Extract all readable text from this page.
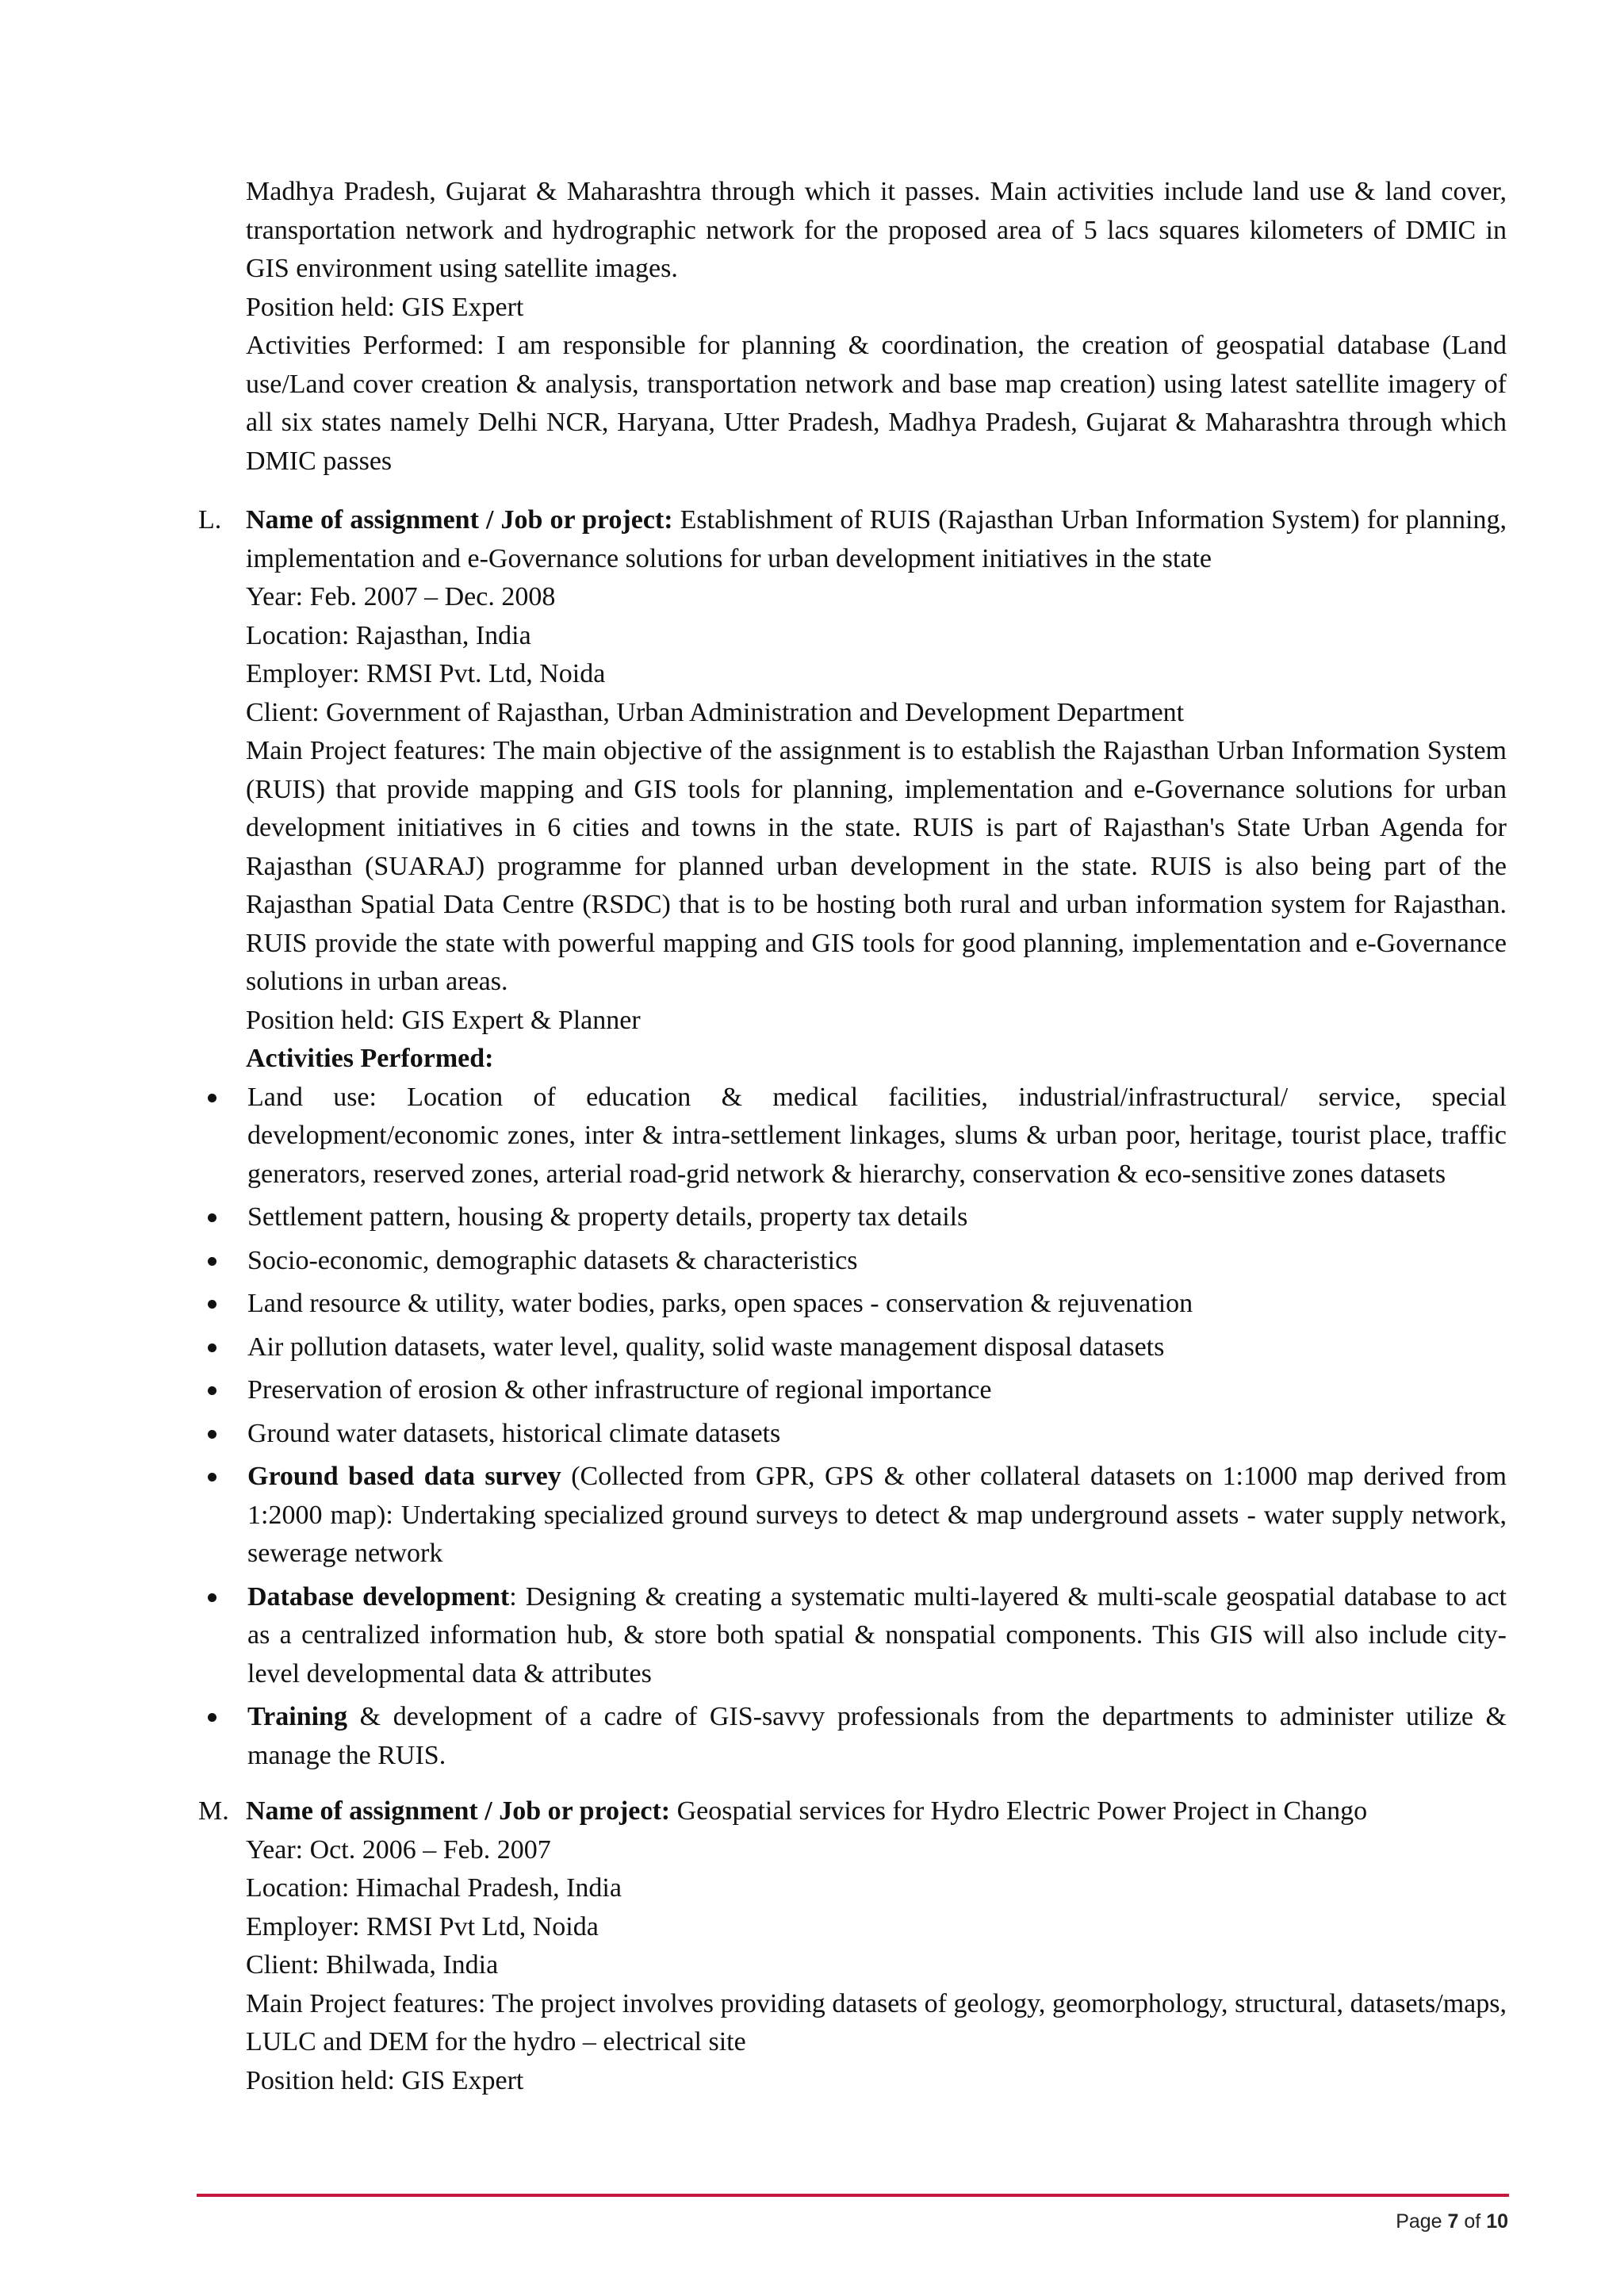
Madhya Pradesh, Gujarat & Maharashtra through which it passes. Main activities include land use & land cover, transportation network and hydrographic network for the proposed area of 5 lacs squares kilometers of DMIC in GIS environment using satellite images.

Position held: GIS Expert

Activities Performed: I am responsible for planning & coordination, the creation of geospatial database (Land use/Land cover creation & analysis, transportation network and base map creation) using latest satellite imagery of all six states namely Delhi NCR, Haryana, Utter Pradesh, Madhya Pradesh, Gujarat & Maharashtra through which DMIC passes

L. Name of assignment / Job or project: Establishment of RUIS (Rajasthan Urban Information System) for planning, implementation and e-Governance solutions for urban development initiatives in the state

Year: Feb. 2007 – Dec. 2008

Location: Rajasthan, India

Employer: RMSI Pvt. Ltd, Noida

Client: Government of Rajasthan, Urban Administration and Development Department

Main Project features: The main objective of the assignment is to establish the Rajasthan Urban Information System (RUIS) that provide mapping and GIS tools for planning, implementation and e-Governance solutions for urban development initiatives in 6 cities and towns in the state. RUIS is part of Rajasthan's State Urban Agenda for Rajasthan (SUARAJ) programme for planned urban development in the state. RUIS is also being part of the Rajasthan Spatial Data Centre (RSDC) that is to be hosting both rural and urban information system for Rajasthan. RUIS provide the state with powerful mapping and GIS tools for good planning, implementation and e-Governance solutions in urban areas.

Position held: GIS Expert & Planner

Activities Performed:

Land use: Location of education & medical facilities, industrial/infrastructural/ service, special development/economic zones, inter & intra-settlement linkages, slums & urban poor, heritage, tourist place, traffic generators, reserved zones, arterial road-grid network & hierarchy, conservation & eco-sensitive zones datasets
Settlement pattern, housing & property details, property tax details
Socio-economic, demographic datasets & characteristics
Land resource & utility, water bodies, parks, open spaces - conservation & rejuvenation
Air pollution datasets, water level, quality, solid waste management disposal datasets
Preservation of erosion & other infrastructure of regional importance
Ground water datasets, historical climate datasets
Ground based data survey (Collected from GPR, GPS & other collateral datasets on 1:1000 map derived from 1:2000 map): Undertaking specialized ground surveys to detect & map underground assets - water supply network, sewerage network
Database development: Designing & creating a systematic multi-layered & multi-scale geospatial database to act as a centralized information hub, & store both spatial & nonspatial components. This GIS will also include city-level developmental data & attributes
Training & development of a cadre of GIS-savvy professionals from the departments to administer utilize & manage the RUIS.
M. Name of assignment / Job or project: Geospatial services for Hydro Electric Power Project in Chango

Year: Oct. 2006 – Feb. 2007

Location: Himachal Pradesh, India

Employer: RMSI Pvt Ltd, Noida

Client: Bhilwada, India

Main Project features: The project involves providing datasets of geology, geomorphology, structural, datasets/maps, LULC and DEM for the hydro – electrical site

Position held: GIS Expert

Page 7 of 10
